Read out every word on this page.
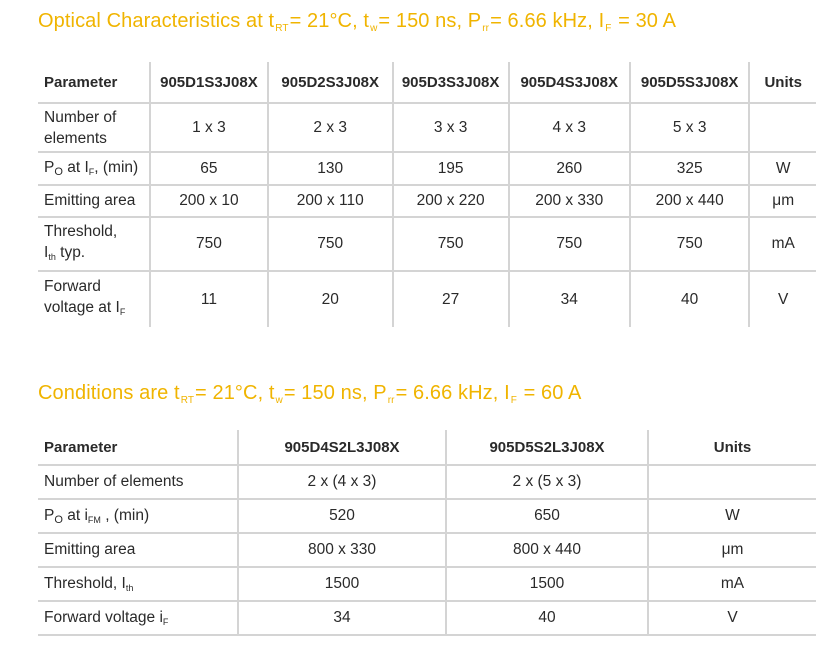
Optical Characteristics at $t_{RT}= 21^\circ C$, $t_w= 150$ ns, $P_{rr}= 6.66$ kHz, $I_F = 30$ A
Parameter	905D1S3J08X	905D2S3J08X	905D3S3J08X	905D4S3J08X	905D5S3J08X	Units
Number of
elements	1 x 3	2 x 3	3 x 3	4 x 3	5 x 3	
PO at IF, (min)	65	130	195	260	325	W
Emitting area	200 x 10	200 x 110	200 x 220	200 x 330	200 x 440	μm
Threshold,
Ith typ.	750	750	750	750	750	mA
Forward
voltage at IF	11	20	27	34	40	V
Conditions are $t_{RT}= 21^\circ C$, $t_w= 150$ ns, $P_{rr}= 6.66$ kHz, $I_F = 60$ A
Parameter	905D4S2L3J08X	905D5S2L3J08X	Units
Number of elements	2 x (4 x 3)	2 x (5 x 3)	
PO at iFM , (min)	520	650	W
Emitting area	800 x 330	800 x 440	μm
Threshold, Ith	1500	1500	mA
Forward voltage iF	34	40	V
